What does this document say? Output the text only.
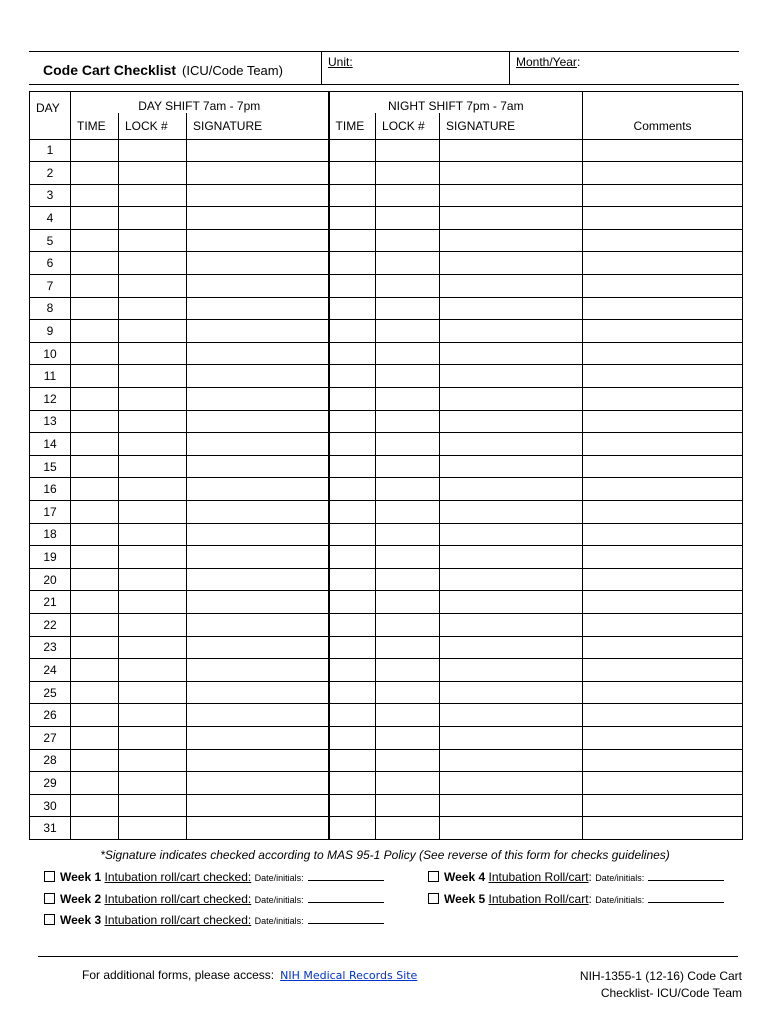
Code Cart Checklist (ICU/Code Team)
Unit:	Month/Year:
	DAY SHIFT 7am - 7pm			NIGHT SHIFT 7pm - 7am			
DAY	TIME	LOCK #	SIGNATURE	TIME	LOCK #	SIGNATURE	Comments
1							
2							
3							
4							
5							
6							
7							
8							
9							
10							
11							
12							
13							
14							
15							
16							
17							
18							
19							
20							
21							
22							
23							
24							
25							
26							
27							
28							
29							
30							
31							
*Signature indicates checked according to MAS 95-1 Policy (See reverse of this form for checks guidelines)
Week 1 Intubation roll/cart checked: Date/initials:
Week 2 Intubation roll/cart checked: Date/initials:
Week 3 Intubation roll/cart checked: Date/initials:
Week 4 Intubation Roll/cart: Date/initials:
Week 5 Intubation Roll/cart: Date/initials:
For additional forms, please access: NIH Medical Records Site	NIH-1355-1 (12-16) Code Cart
Checklist- ICU/Code Team
